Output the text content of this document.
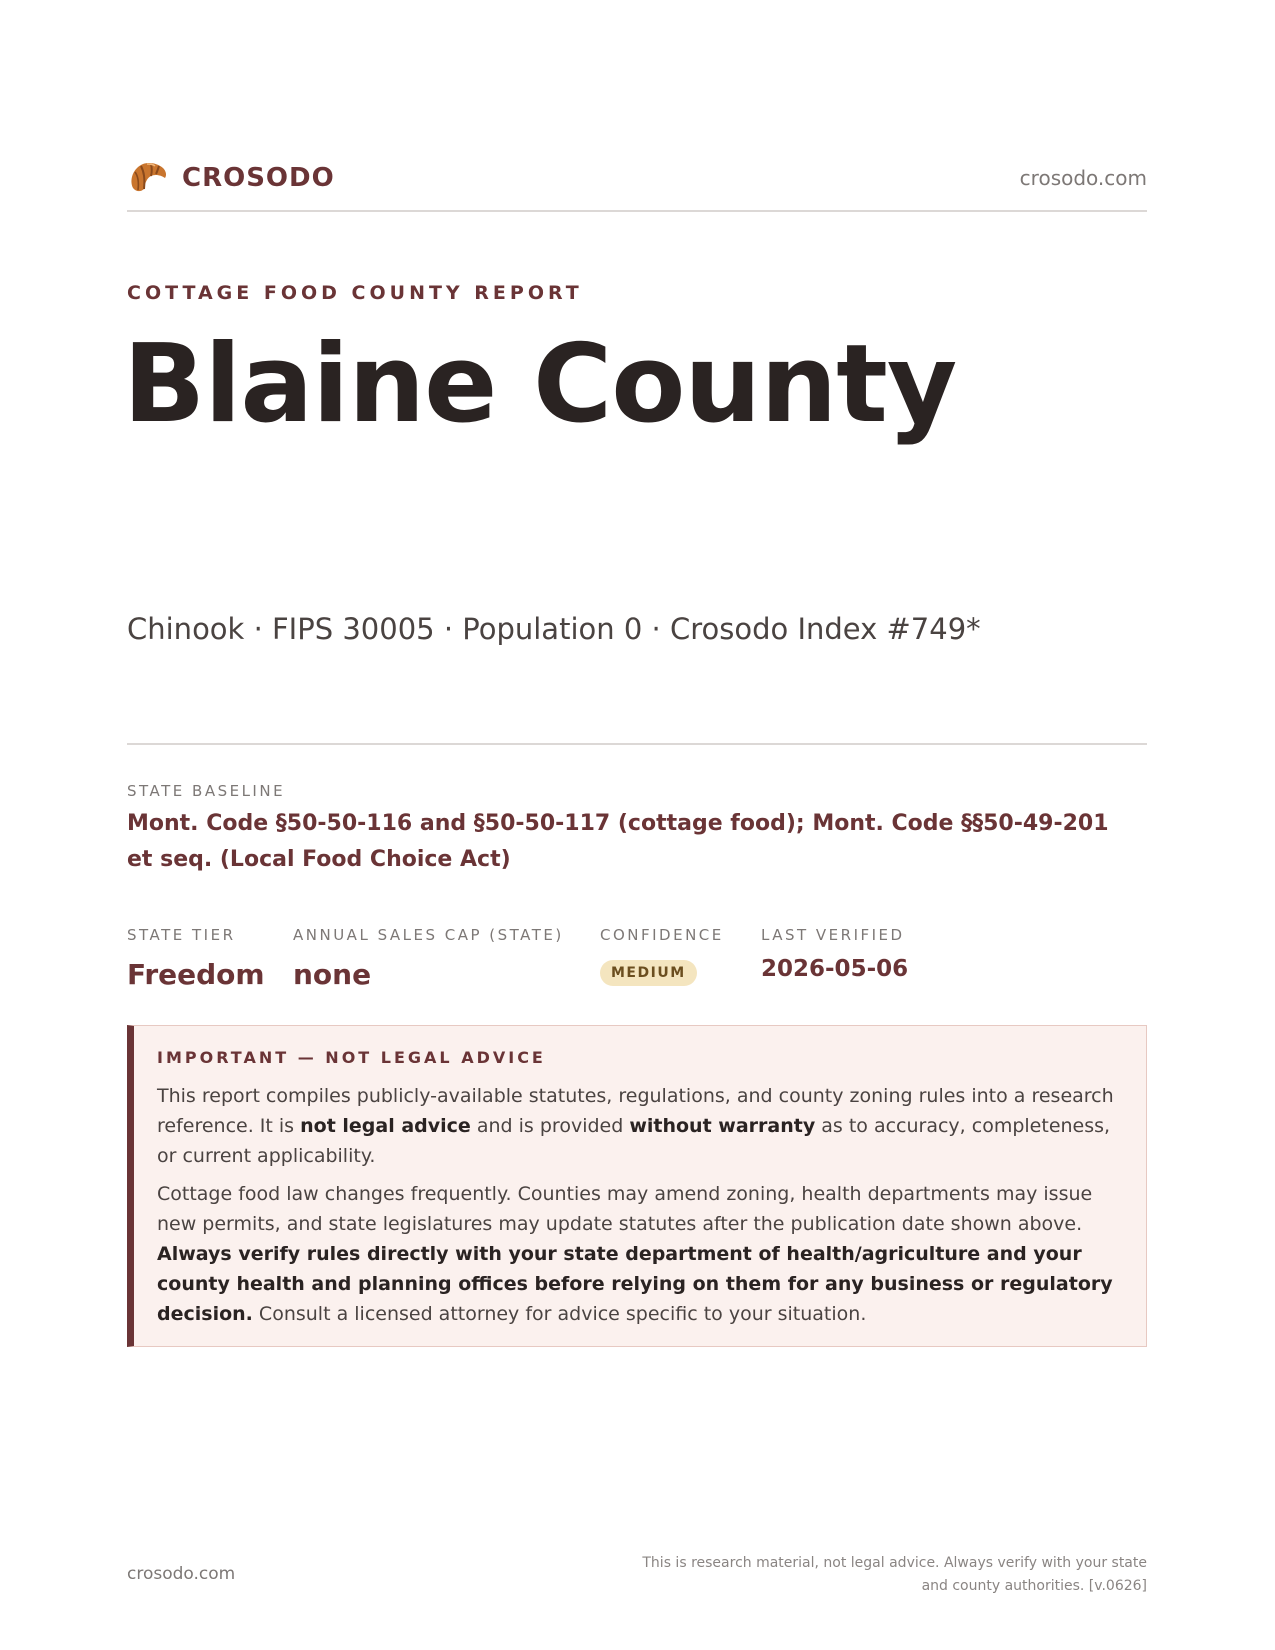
CROSODO	crosodo.com
COTTAGE FOOD COUNTY REPORT
Blaine County
Chinook · FIPS 30005 · Population 0 · Crosodo Index #749*
STATE BASELINE
Mont. Code §50-50-116 and §50-50-117 (cottage food); Mont. Code §§50-49-201 et seq. (Local Food Choice Act)
STATE TIER
Freedom
ANNUAL SALES CAP (STATE)
none
CONFIDENCE
MEDIUM
LAST VERIFIED
2026-05-06
IMPORTANT — NOT LEGAL ADVICE

This report compiles publicly-available statutes, regulations, and county zoning rules into a research reference. It is not legal advice and is provided without warranty as to accuracy, completeness, or current applicability.

Cottage food law changes frequently. Counties may amend zoning, health departments may issue new permits, and state legislatures may update statutes after the publication date shown above. Always verify rules directly with your state department of health/agriculture and your county health and planning offices before relying on them for any business or regulatory decision. Consult a licensed attorney for advice specific to your situation.

crosodo.com
This is research material, not legal advice. Always verify with your state
and county authorities. [v.0626]
